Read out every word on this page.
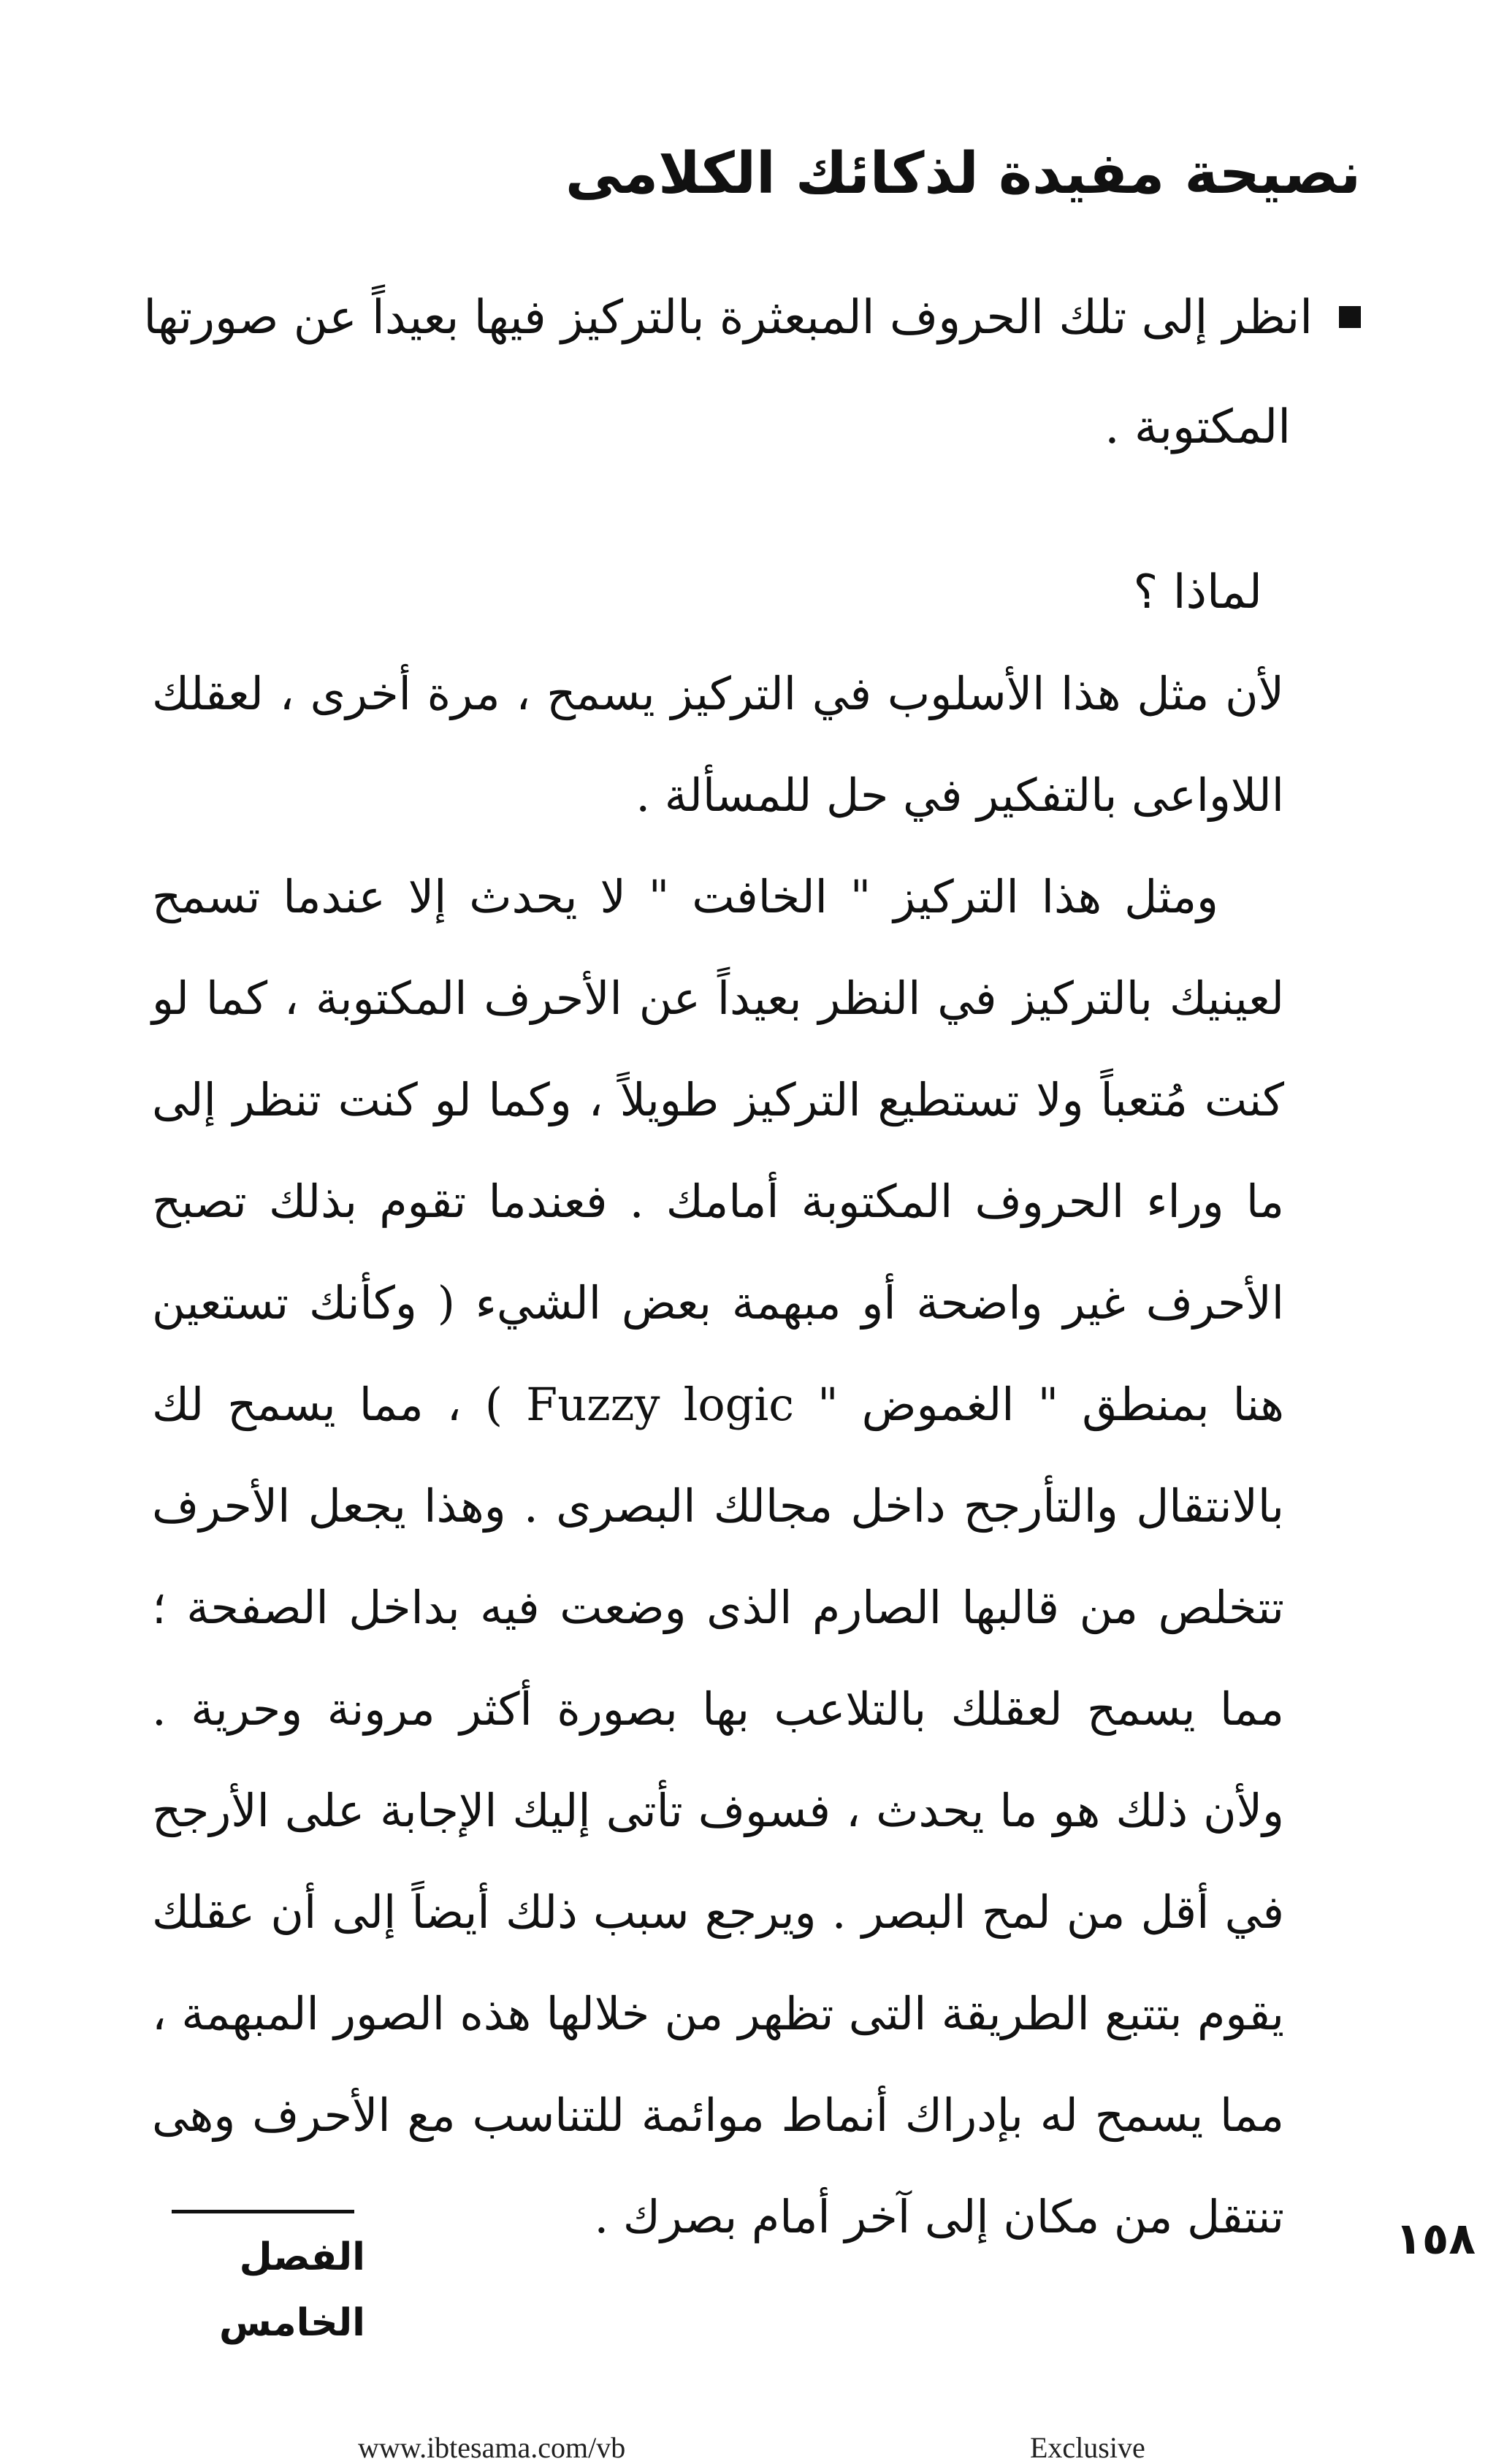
نصيحة مفيدة لذكائك الكلامى
انظر إلى تلك الحروف المبعثرة بالتركيز فيها بعيداً عن صورتها
المكتوبة .
لماذا ؟

لأن مثل هذا الأسلوب في التركيز يسمح ، مرة أخرى ، لعقلك اللاواعى بالتفكير في حل للمسألة .

ومثل هذا التركيز " الخافت " لا يحدث إلا عندما تسمح لعينيك بالتركيز في النظر بعيداً عن الأحرف المكتوبة ، كما لو كنت مُتعباً ولا تستطيع التركيز طويلاً ، وكما لو كنت تنظر إلى ما وراء الحروف المكتوبة أمامك . فعندما تقوم بذلك تصبح الأحرف غير واضحة أو مبهمة بعض الشيء ( وكأنك تستعين هنا بمنطق " الغموض " Fuzzy logic ) ، مما يسمح لك بالانتقال والتأرجح داخل مجالك البصرى . وهذا يجعل الأحرف تتخلص من قالبها الصارم الذى وضعت فيه بداخل الصفحة ؛ مما يسمح لعقلك بالتلاعب بها بصورة أكثر مرونة وحرية . ولأن ذلك هو ما يحدث ، فسوف تأتى إليك الإجابة على الأرجح في أقل من لمح البصر . ويرجع سبب ذلك أيضاً إلى أن عقلك يقوم بتتبع الطريقة التى تظهر من خلالها هذه الصور المبهمة ، مما يسمح له بإدراك أنماط موائمة للتناسب مع الأحرف وهى تنتقل من مكان إلى آخر أمام بصرك .

الفصل الخامس
١٥٨
www.ibtesama.com/vb	Exclusive
